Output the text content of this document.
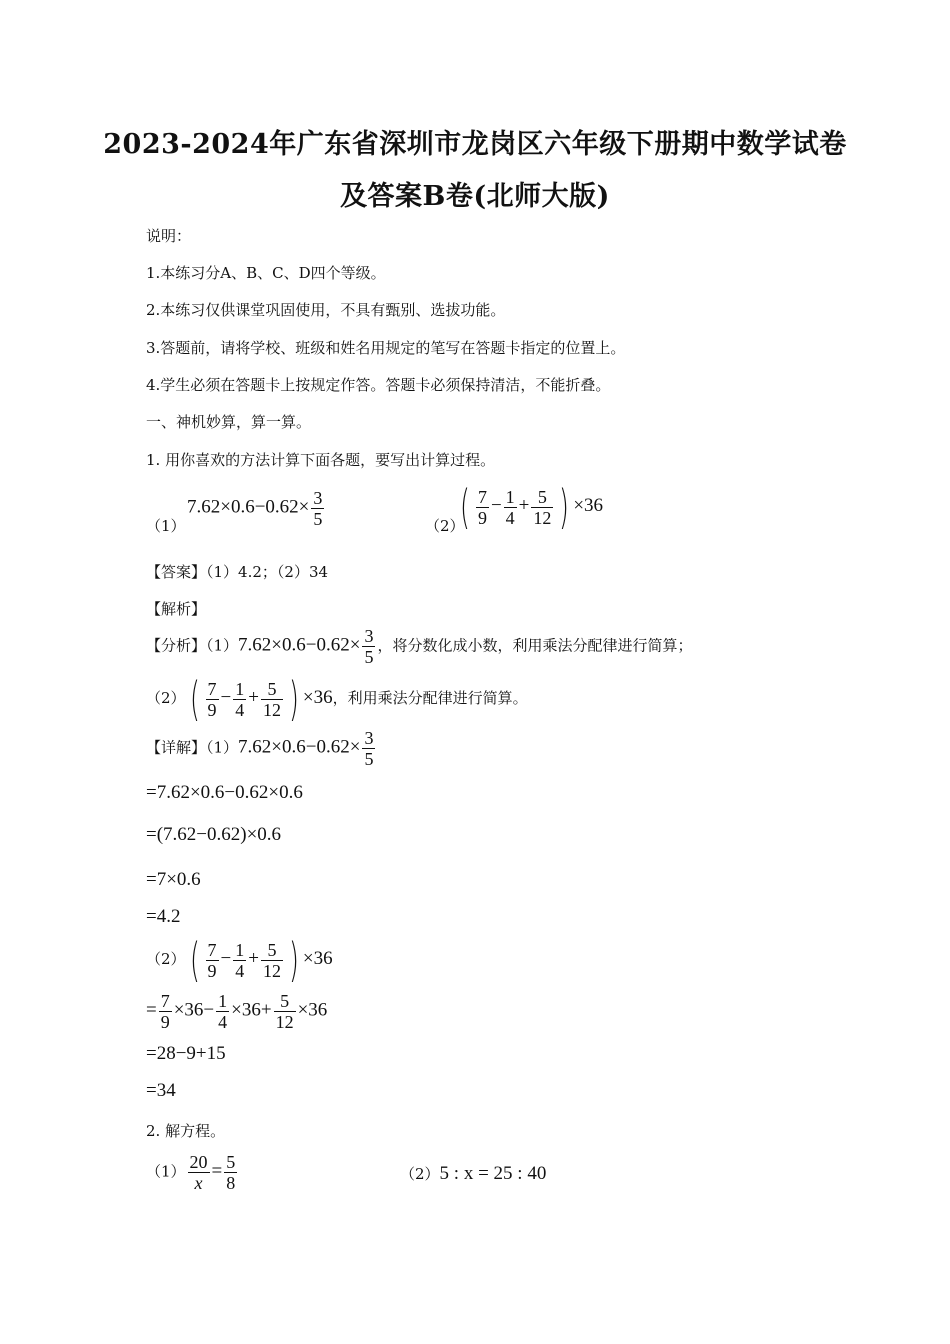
2023-2024年广东省深圳市龙岗区六年级下册期中数学试卷
及答案B卷(北师大版)
说明：
1.本练习分A、B、C、D四个等级。
2.本练习仅供课堂巩固使用，不具有甄别、选拔功能。
3.答题前，请将学校、班级和姓名用规定的笔写在答题卡指定的位置上。
4.学生必须在答题卡上按规定作答。答题卡必须保持清洁，不能折叠。
一、神机妙算，算一算。
1. 用你喜欢的方法计算下面各题，要写出计算过程。
（1）
$7.62\times 0.6-0.62\times \frac{3}{5}$	（2）
( $\frac{7}{9} - \frac{1}{4} + \frac{5}{12}$ ) ×36
【答案】（1）4.2；（2）34
【解析】
【分析】$(1)7.62\times 0.6-0.62\times \frac{3}{5}$ ，将分数化成小数，利用乘法分配律进行简算；
$(2)( \frac{7}{9} - \frac{1}{4} + \frac{5}{12}$ ) ×36，利用乘法分配律进行简算。
【详解】$(1)7.62\times 0.6-0.62\times \frac{3}{5}$
=7.62×0.6−0.62×0.6
=(7.62−0.62)×0.6
=7×0.6
=4.2
$(2)( \frac{7}{9} - \frac{1}{4} + \frac{5}{12}$ ) ×36
= $\frac{7}{9} \times 36- \frac{1}{4} \times 36+ \frac{5}{12} \times 36$
=28−9+15
=34
2. 解方程。
$(1) \frac{20}{x} = \frac{5}{8}$	（2）5 : x = 25 : 40
